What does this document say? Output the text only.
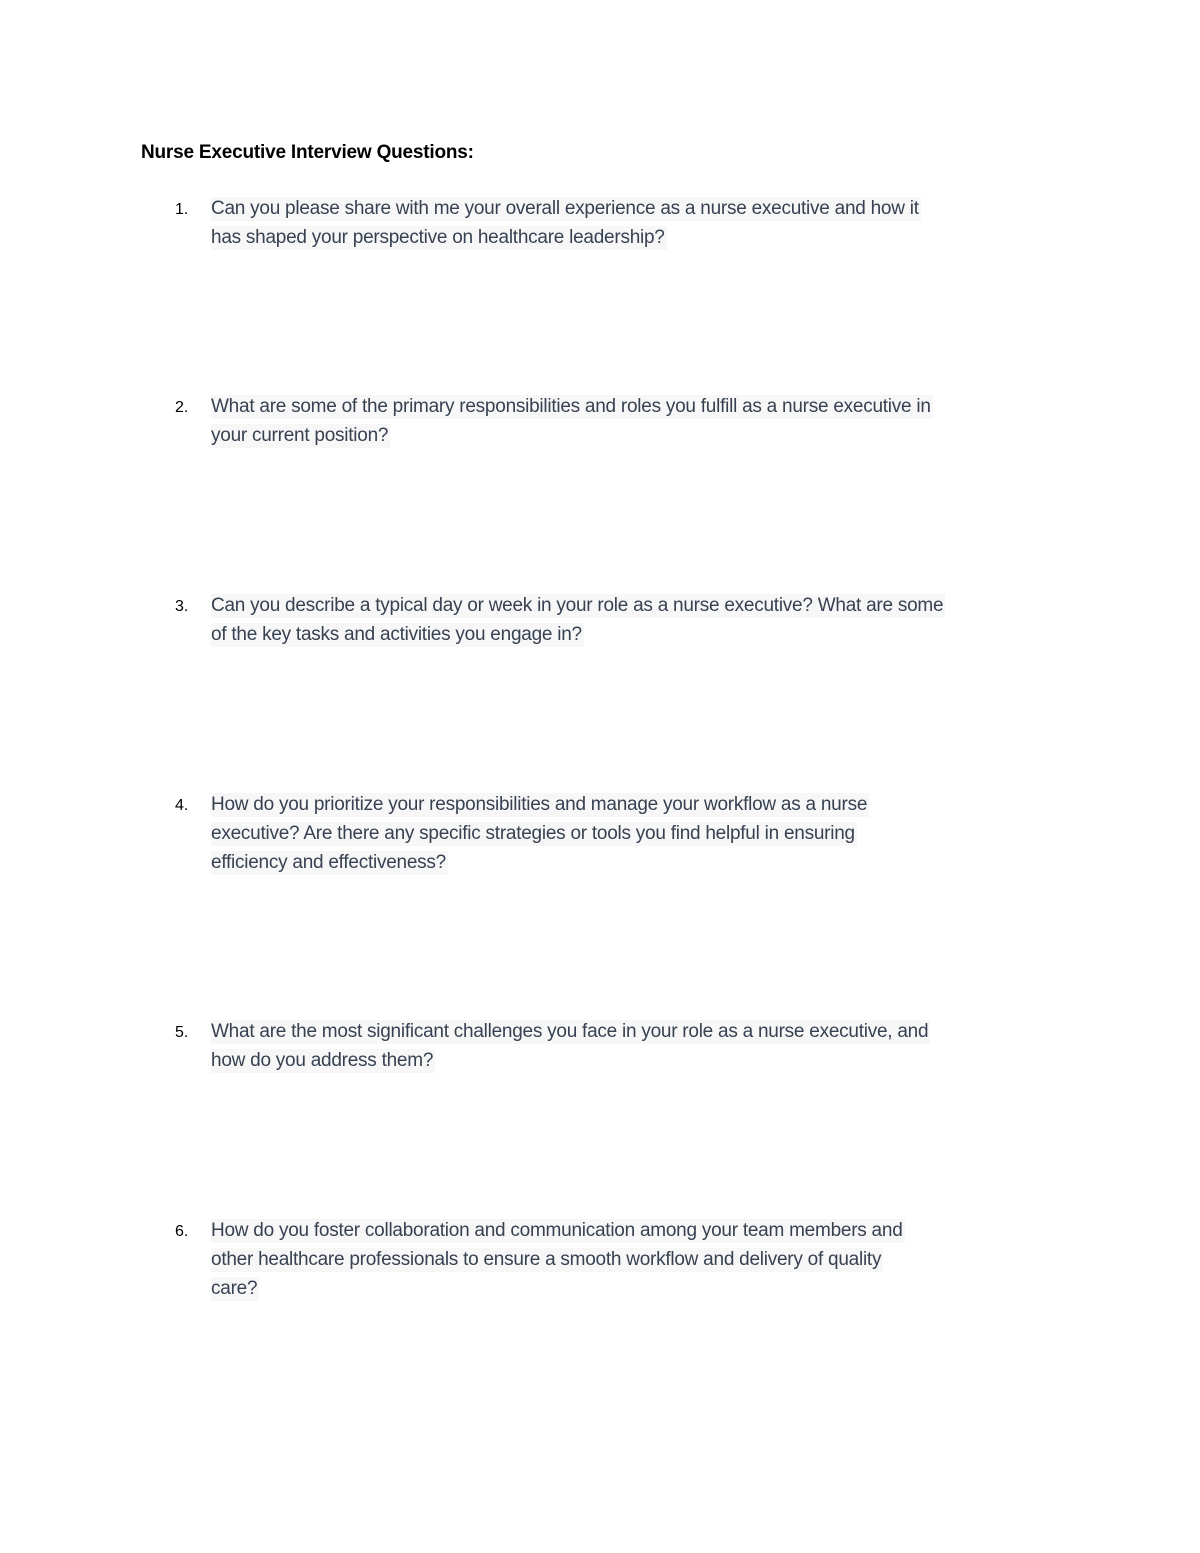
Nurse Executive Interview Questions:
1. Can you please share with me your overall experience as a nurse executive and how it
has shaped your perspective on healthcare leadership?
2. What are some of the primary responsibilities and roles you fulfill as a nurse executive in
your current position?
3. Can you describe a typical day or week in your role as a nurse executive? What are some
of the key tasks and activities you engage in?
4. How do you prioritize your responsibilities and manage your workflow as a nurse
executive? Are there any specific strategies or tools you find helpful in ensuring
efficiency and effectiveness?
5. What are the most significant challenges you face in your role as a nurse executive, and
how do you address them?
6. How do you foster collaboration and communication among your team members and
other healthcare professionals to ensure a smooth workflow and delivery of quality
care?
